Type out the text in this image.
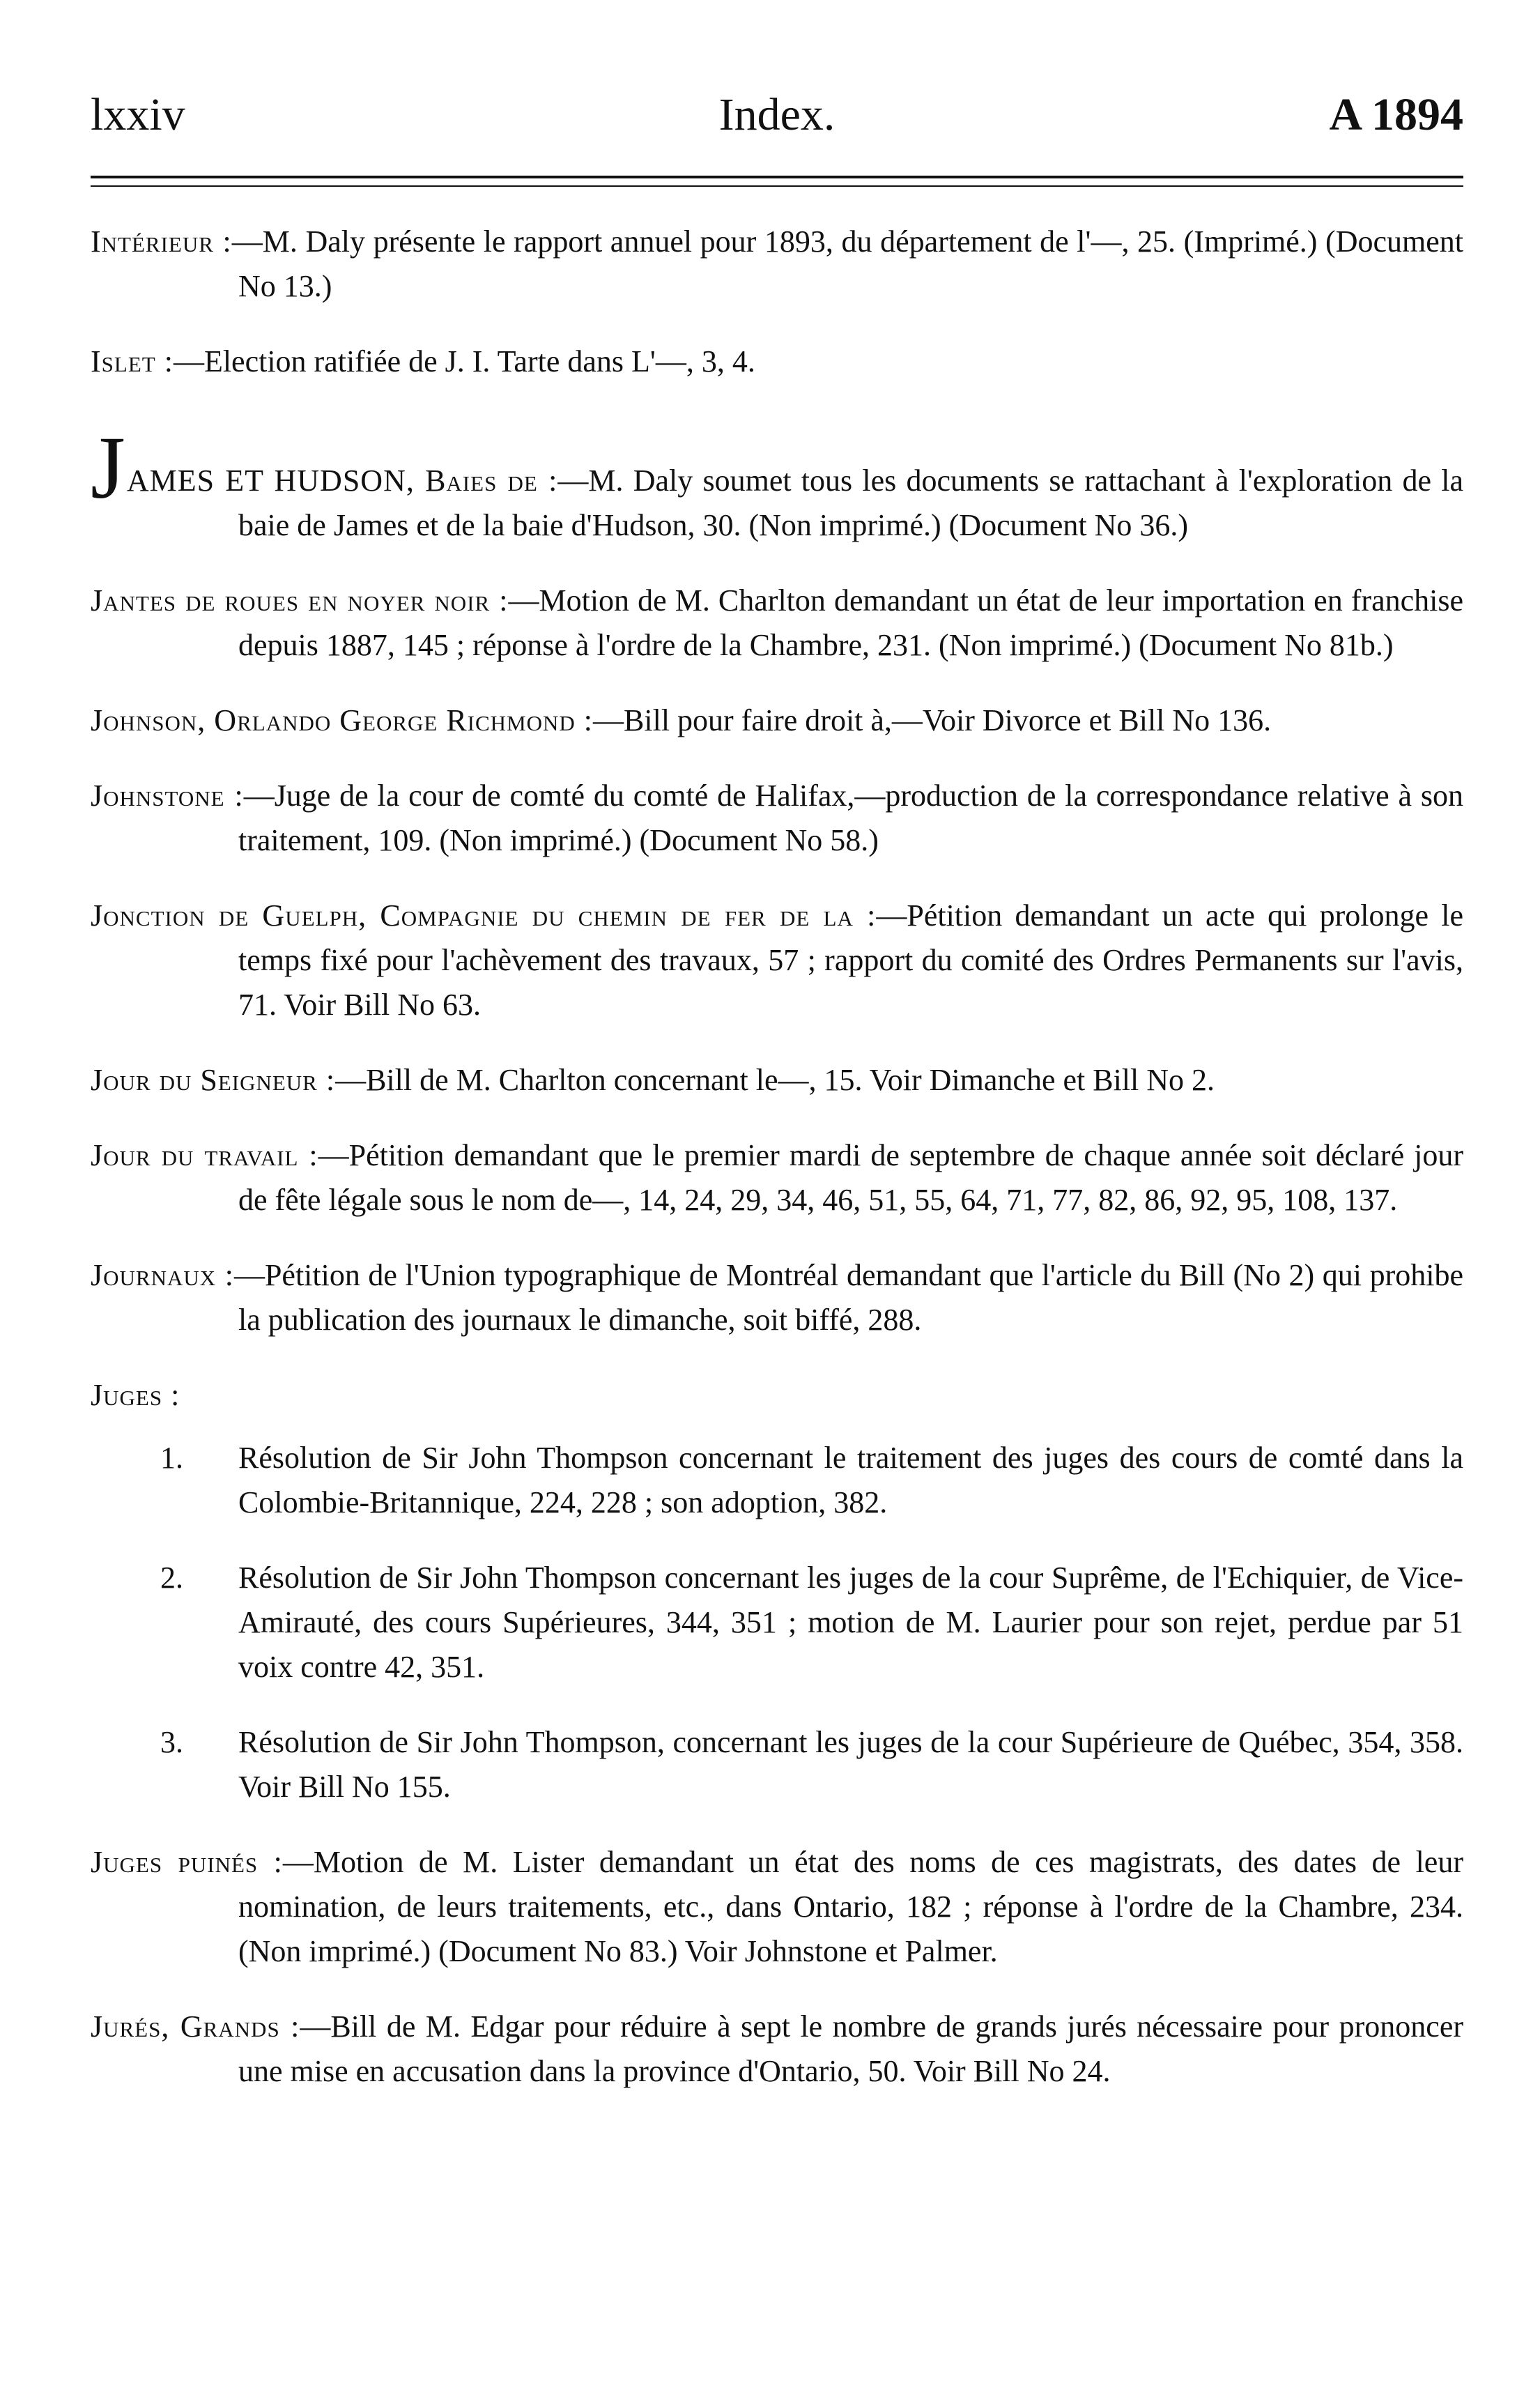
lxxiv	Index.	A 1894

Intérieur :—M. Daly présente le rapport annuel pour 1893, du département de l'—, 25. (Imprimé.) (Document No 13.)

Islet :—Election ratifiée de J. I. Tarte dans L'—, 3, 4.

JAMES ET HUDSON, Baies de :—M. Daly soumet tous les documents se rattachant à l'exploration de la baie de James et de la baie d'Hudson, 30. (Non imprimé.) (Document No 36.)

Jantes de roues en noyer noir :—Motion de M. Charlton demandant un état de leur importation en franchise depuis 1887, 145 ; réponse à l'ordre de la Chambre, 231. (Non imprimé.) (Document No 81b.)

Johnson, Orlando George Richmond :—Bill pour faire droit à,—Voir Divorce et Bill No 136.

Johnstone :—Juge de la cour de comté du comté de Halifax,—production de la correspondance relative à son traitement, 109. (Non imprimé.) (Document No 58.)

Jonction de Guelph, Compagnie du chemin de fer de la :—Pétition demandant un acte qui prolonge le temps fixé pour l'achèvement des travaux, 57 ; rapport du comité des Ordres Permanents sur l'avis, 71. Voir Bill No 63.

Jour du Seigneur :—Bill de M. Charlton concernant le—, 15. Voir Dimanche et Bill No 2.

Jour du travail :—Pétition demandant que le premier mardi de septembre de chaque année soit déclaré jour de fête légale sous le nom de—, 14, 24, 29, 34, 46, 51, 55, 64, 71, 77, 82, 86, 92, 95, 108, 137.

Journaux :—Pétition de l'Union typographique de Montréal demandant que l'article du Bill (No 2) qui prohibe la publication des journaux le dimanche, soit biffé, 288.

Juges :

1. Résolution de Sir John Thompson concernant le traitement des juges des cours de comté dans la Colombie-Britannique, 224, 228 ; son adoption, 382.

2. Résolution de Sir John Thompson concernant les juges de la cour Suprême, de l'Echiquier, de Vice-Amirauté, des cours Supérieures, 344, 351 ; motion de M. Laurier pour son rejet, perdue par 51 voix contre 42, 351.

3. Résolution de Sir John Thompson, concernant les juges de la cour Supérieure de Québec, 354, 358. Voir Bill No 155.

Juges puinés :—Motion de M. Lister demandant un état des noms de ces magistrats, des dates de leur nomination, de leurs traitements, etc., dans Ontario, 182 ; réponse à l'ordre de la Chambre, 234. (Non imprimé.) (Document No 83.) Voir Johnstone et Palmer.

Jurés, Grands :—Bill de M. Edgar pour réduire à sept le nombre de grands jurés nécessaire pour prononcer une mise en accusation dans la province d'Ontario, 50. Voir Bill No 24.
